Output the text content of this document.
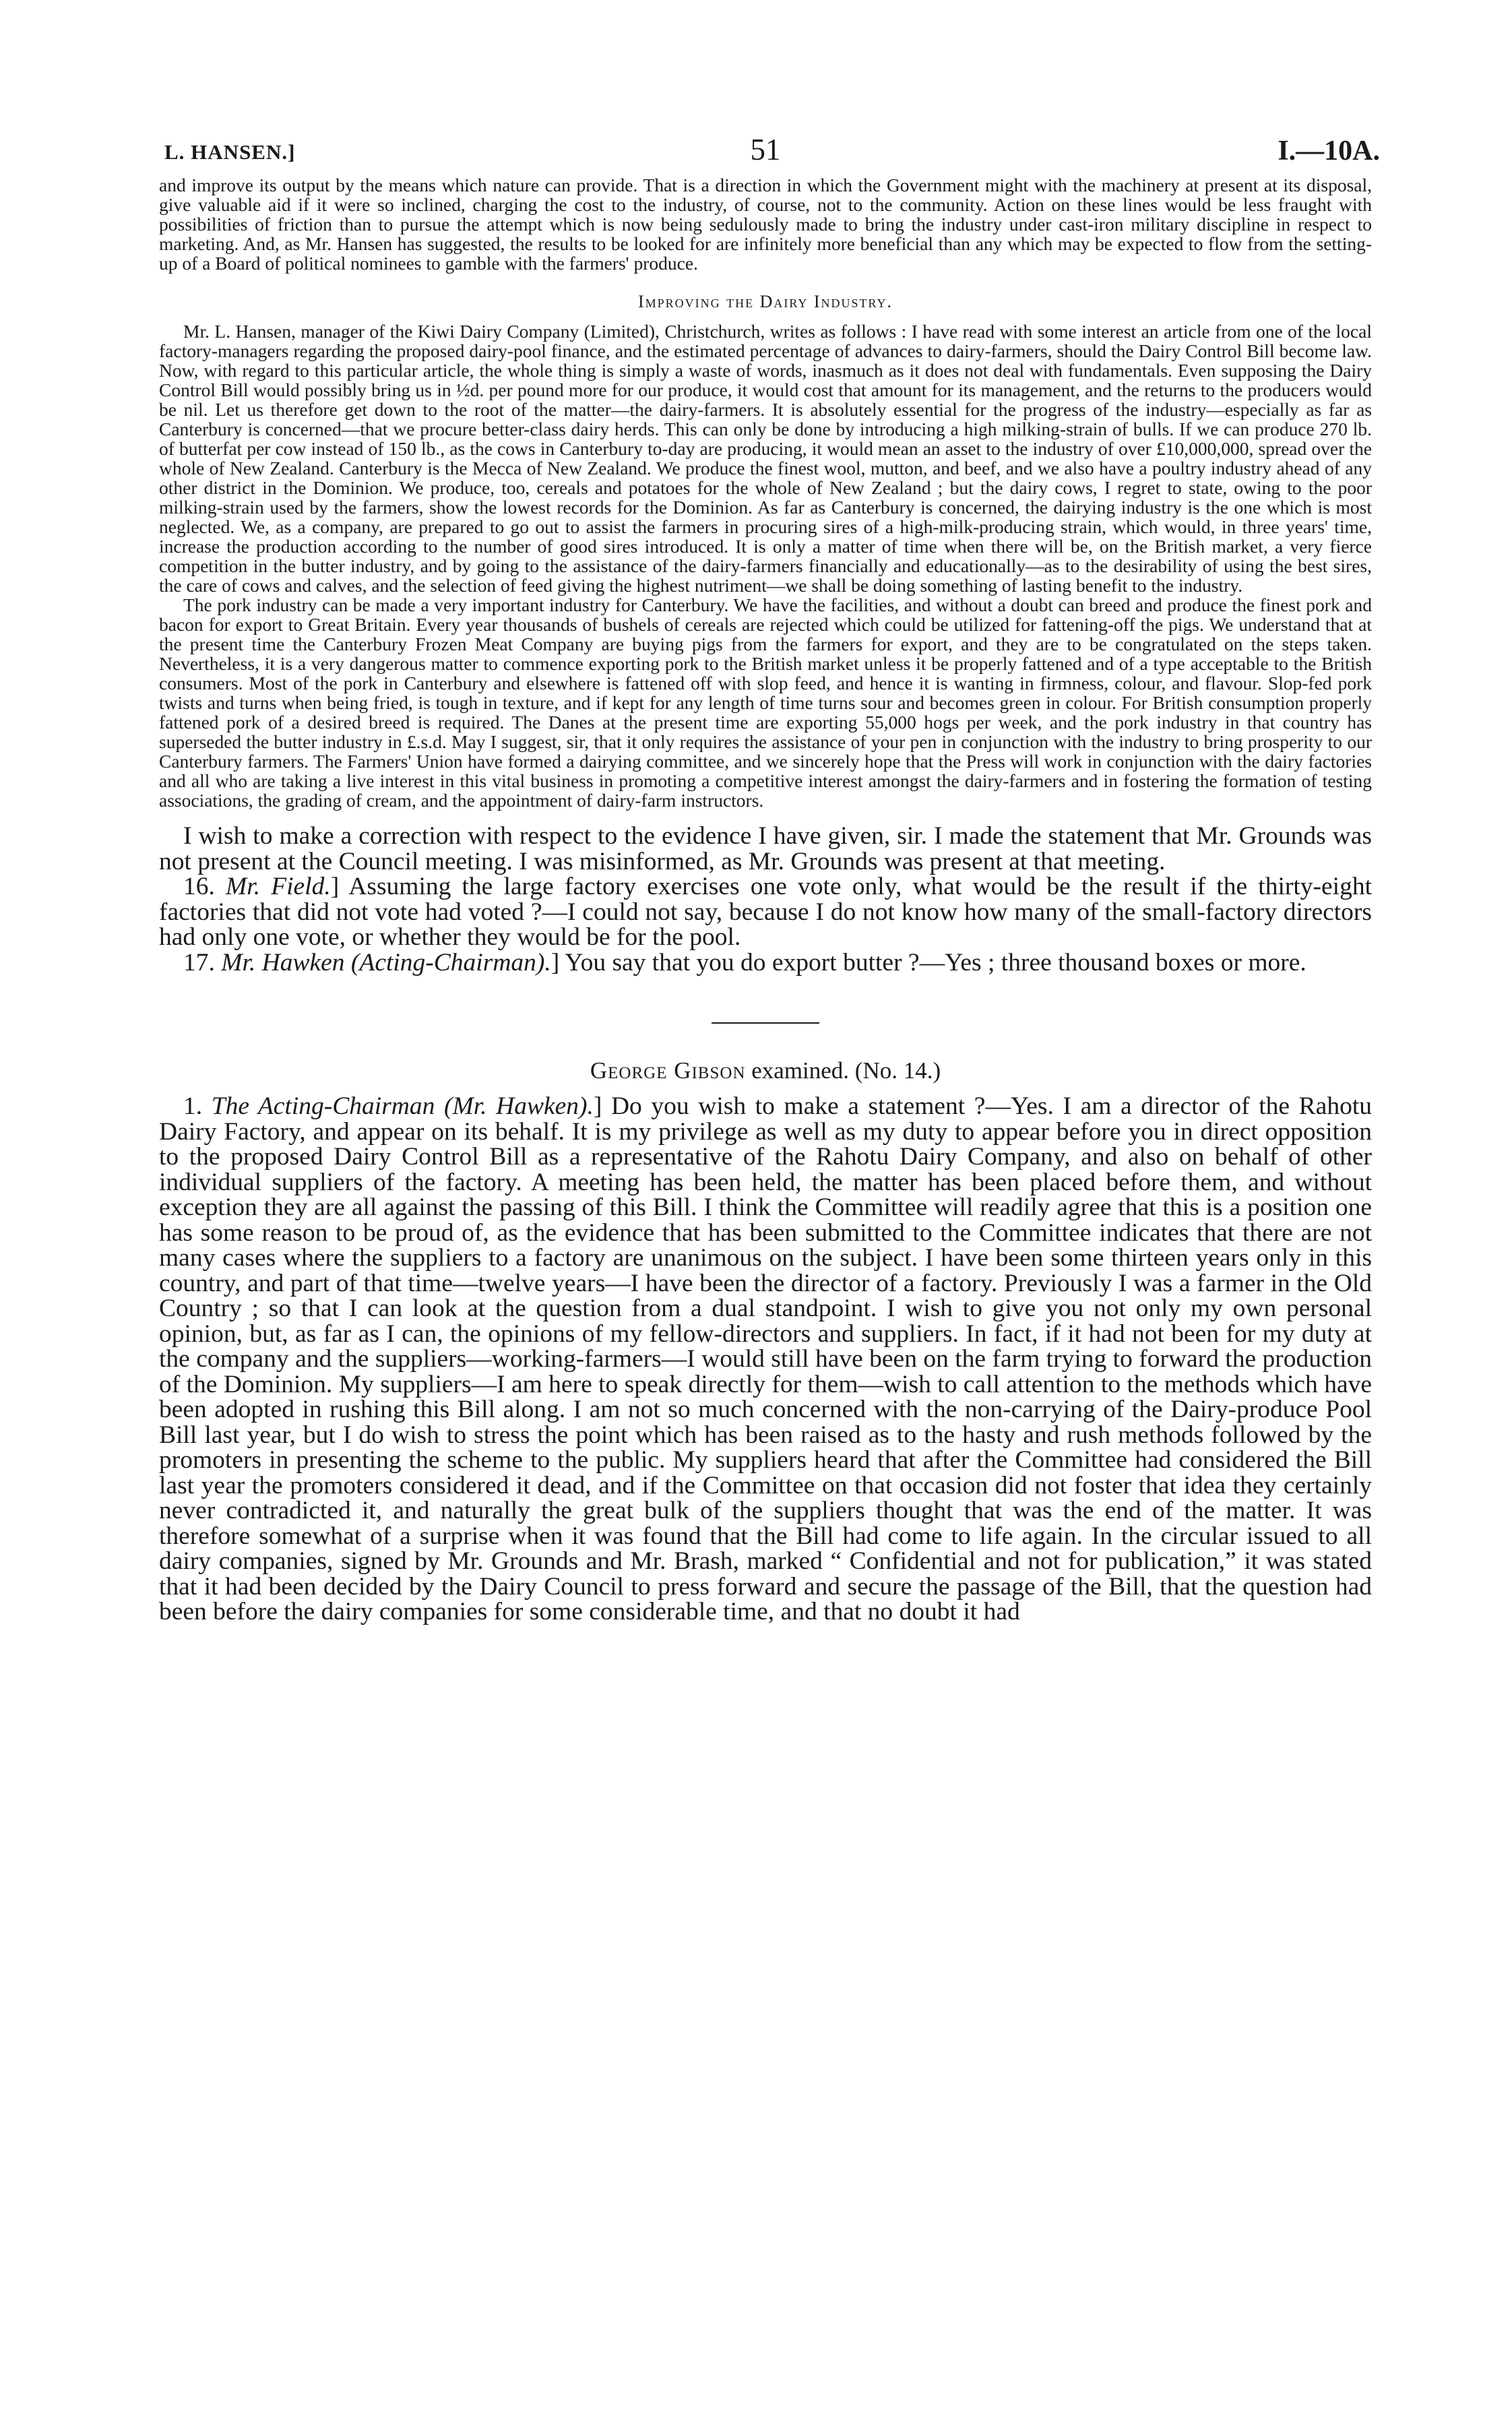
L. HANSEN.]	51	I.—10A.

and improve its output by the means which nature can provide. That is a direction in which the Government might with the machinery at present at its disposal, give valuable aid if it were so inclined, charging the cost to the industry, of course, not to the community. Action on these lines would be less fraught with possibilities of friction than to pursue the attempt which is now being sedulously made to bring the industry under cast-iron military discipline in respect to marketing. And, as Mr. Hansen has suggested, the results to be looked for are infinitely more beneficial than any which may be expected to flow from the setting-up of a Board of political nominees to gamble with the farmers' produce.

Improving the Dairy Industry.

Mr. L. Hansen, manager of the Kiwi Dairy Company (Limited), Christchurch, writes as follows : I have read with some interest an article from one of the local factory-managers regarding the proposed dairy-pool finance, and the estimated percentage of advances to dairy-farmers, should the Dairy Control Bill become law. Now, with regard to this particular article, the whole thing is simply a waste of words, inasmuch as it does not deal with fundamentals. Even supposing the Dairy Control Bill would possibly bring us in ½d. per pound more for our produce, it would cost that amount for its management, and the returns to the producers would be nil. Let us therefore get down to the root of the matter—the dairy-farmers. It is absolutely essential for the progress of the industry—especially as far as Canterbury is concerned—that we procure better-class dairy herds. This can only be done by introducing a high milking-strain of bulls. If we can produce 270 lb. of butterfat per cow instead of 150 lb., as the cows in Canterbury to-day are producing, it would mean an asset to the industry of over £10,000,000, spread over the whole of New Zealand. Canterbury is the Mecca of New Zealand. We produce the finest wool, mutton, and beef, and we also have a poultry industry ahead of any other district in the Dominion. We produce, too, cereals and potatoes for the whole of New Zealand ; but the dairy cows, I regret to state, owing to the poor milking-strain used by the farmers, show the lowest records for the Dominion. As far as Canterbury is concerned, the dairying industry is the one which is most neglected. We, as a company, are prepared to go out to assist the farmers in procuring sires of a high-milk-producing strain, which would, in three years' time, increase the production according to the number of good sires introduced. It is only a matter of time when there will be, on the British market, a very fierce competition in the butter industry, and by going to the assistance of the dairy-farmers financially and educationally—as to the desirability of using the best sires, the care of cows and calves, and the selection of feed giving the highest nutriment—we shall be doing something of lasting benefit to the industry.

The pork industry can be made a very important industry for Canterbury. We have the facilities, and without a doubt can breed and produce the finest pork and bacon for export to Great Britain. Every year thousands of bushels of cereals are rejected which could be utilized for fattening-off the pigs. We understand that at the present time the Canterbury Frozen Meat Company are buying pigs from the farmers for export, and they are to be congratulated on the steps taken. Nevertheless, it is a very dangerous matter to commence exporting pork to the British market unless it be properly fattened and of a type acceptable to the British consumers. Most of the pork in Canterbury and elsewhere is fattened off with slop feed, and hence it is wanting in firmness, colour, and flavour. Slop-fed pork twists and turns when being fried, is tough in texture, and if kept for any length of time turns sour and becomes green in colour. For British consumption properly fattened pork of a desired breed is required. The Danes at the present time are exporting 55,000 hogs per week, and the pork industry in that country has superseded the butter industry in £.s.d. May I suggest, sir, that it only requires the assistance of your pen in conjunction with the industry to bring prosperity to our Canterbury farmers. The Farmers' Union have formed a dairying committee, and we sincerely hope that the Press will work in conjunction with the dairy factories and all who are taking a live interest in this vital business in promoting a competitive interest amongst the dairy-farmers and in fostering the formation of testing associations, the grading of cream, and the appointment of dairy-farm instructors.

I wish to make a correction with respect to the evidence I have given, sir. I made the statement that Mr. Grounds was not present at the Council meeting. I was misinformed, as Mr. Grounds was present at that meeting.

16. Mr. Field.] Assuming the large factory exercises one vote only, what would be the result if the thirty-eight factories that did not vote had voted ?—I could not say, because I do not know how many of the small-factory directors had only one vote, or whether they would be for the pool.

17. Mr. Hawken (Acting-Chairman).] You say that you do export butter ?—Yes ; three thousand boxes or more.

George Gibson examined. (No. 14.)

1. The Acting-Chairman (Mr. Hawken).] Do you wish to make a statement ?—Yes. I am a director of the Rahotu Dairy Factory, and appear on its behalf. It is my privilege as well as my duty to appear before you in direct opposition to the proposed Dairy Control Bill as a representative of the Rahotu Dairy Company, and also on behalf of other individual suppliers of the factory. A meeting has been held, the matter has been placed before them, and without exception they are all against the passing of this Bill. I think the Committee will readily agree that this is a position one has some reason to be proud of, as the evidence that has been submitted to the Committee indicates that there are not many cases where the suppliers to a factory are unanimous on the subject. I have been some thirteen years only in this country, and part of that time—twelve years—I have been the director of a factory. Previously I was a farmer in the Old Country ; so that I can look at the question from a dual standpoint. I wish to give you not only my own personal opinion, but, as far as I can, the opinions of my fellow-directors and suppliers. In fact, if it had not been for my duty at the company and the suppliers—working-farmers—I would still have been on the farm trying to forward the production of the Dominion. My suppliers—I am here to speak directly for them—wish to call attention to the methods which have been adopted in rushing this Bill along. I am not so much concerned with the non-carrying of the Dairy-produce Pool Bill last year, but I do wish to stress the point which has been raised as to the hasty and rush methods followed by the promoters in presenting the scheme to the public. My suppliers heard that after the Committee had considered the Bill last year the promoters considered it dead, and if the Committee on that occasion did not foster that idea they certainly never contradicted it, and naturally the great bulk of the suppliers thought that was the end of the matter. It was therefore somewhat of a surprise when it was found that the Bill had come to life again. In the circular issued to all dairy companies, signed by Mr. Grounds and Mr. Brash, marked “ Confidential and not for publication,” it was stated that it had been decided by the Dairy Council to press forward and secure the passage of the Bill, that the question had been before the dairy companies for some considerable time, and that no doubt it had
